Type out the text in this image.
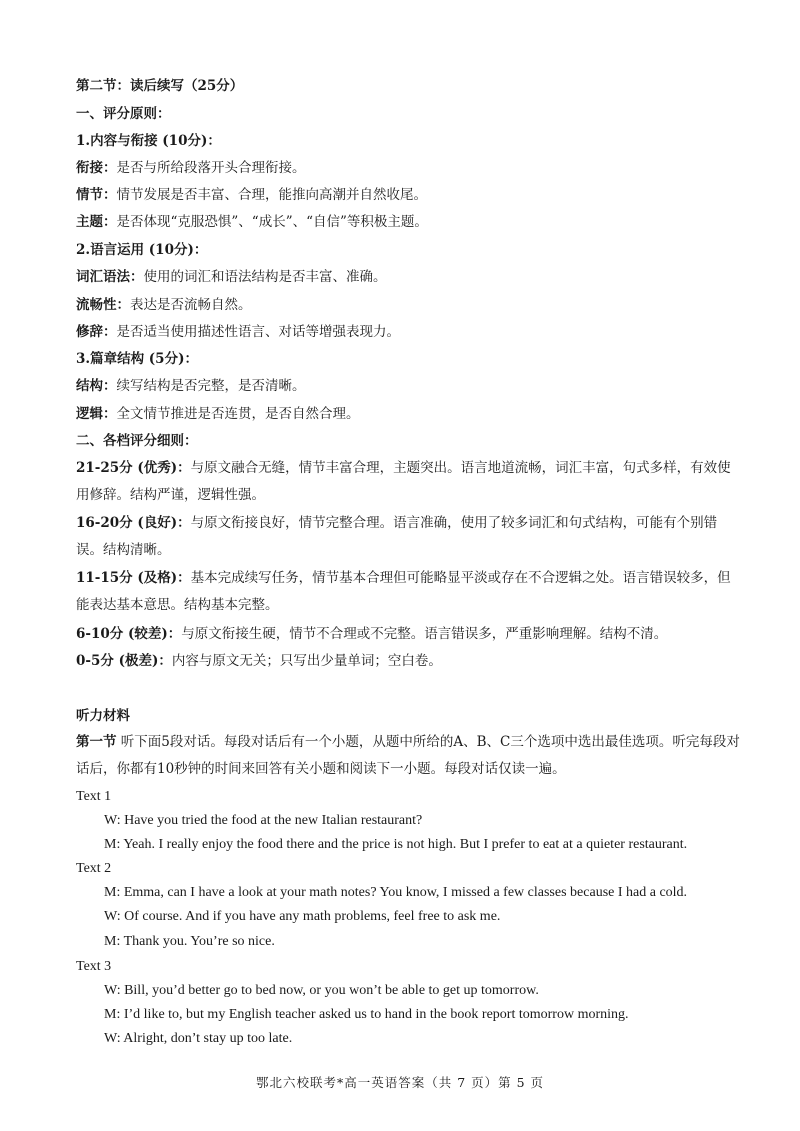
第二节：读后续写（25分）
一、评分原则：
1.内容与衔接 (10分)：
衔接：是否与所给段落开头合理衔接。
情节：情节发展是否丰富、合理，能推向高潮并自然收尾。
主题：是否体现“克服恐惧”、“成长”、“自信”等积极主题。
2.语言运用 (10分)：
词汇语法：使用的词汇和语法结构是否丰富、准确。
流畅性：表达是否流畅自然。
修辞：是否适当使用描述性语言、对话等增强表现力。
3.篇章结构 (5分)：
结构：续写结构是否完整，是否清晰。
逻辑：全文情节推进是否连贯，是否自然合理。
二、各档评分细则：
21-25分 (优秀)：与原文融合无缝，情节丰富合理，主题突出。语言地道流畅，词汇丰富，句式多样，有效使用修辞。结构严谨，逻辑性强。
16-20分 (良好)：与原文衔接良好，情节完整合理。语言准确，使用了较多词汇和句式结构，可能有个别错误。结构清晰。
11-15分 (及格)：基本完成续写任务，情节基本合理但可能略显平淡或存在不合逻辑之处。语言错误较多，但能表达基本意思。结构基本完整。
6-10分 (较差)：与原文衔接生硬，情节不合理或不完整。语言错误多，严重影响理解。结构不清。
0-5分 (极差)：内容与原文无关；只写出少量单词；空白卷。
听力材料
第一节 听下面5段对话。每段对话后有一个小题，从题中所给的A、B、C三个选项中选出最佳选项。听完每段对话后，你都有10秒钟的时间来回答有关小题和阅读下一小题。每段对话仅读一遍。
Text 1
W: Have you tried the food at the new Italian restaurant?
M: Yeah. I really enjoy the food there and the price is not high. But I prefer to eat at a quieter restaurant.
Text 2
M: Emma, can I have a look at your math notes? You know, I missed a few classes because I had a cold.
W: Of course. And if you have any math problems, feel free to ask me.
M: Thank you. You’re so nice.
Text 3
W: Bill, you’d better go to bed now, or you won’t be able to get up tomorrow.
M: I’d like to, but my English teacher asked us to hand in the book report tomorrow morning.
W: Alright, don’t stay up too late.
鄂北六校联考*高一英语答案（共 7 页）第 5 页
